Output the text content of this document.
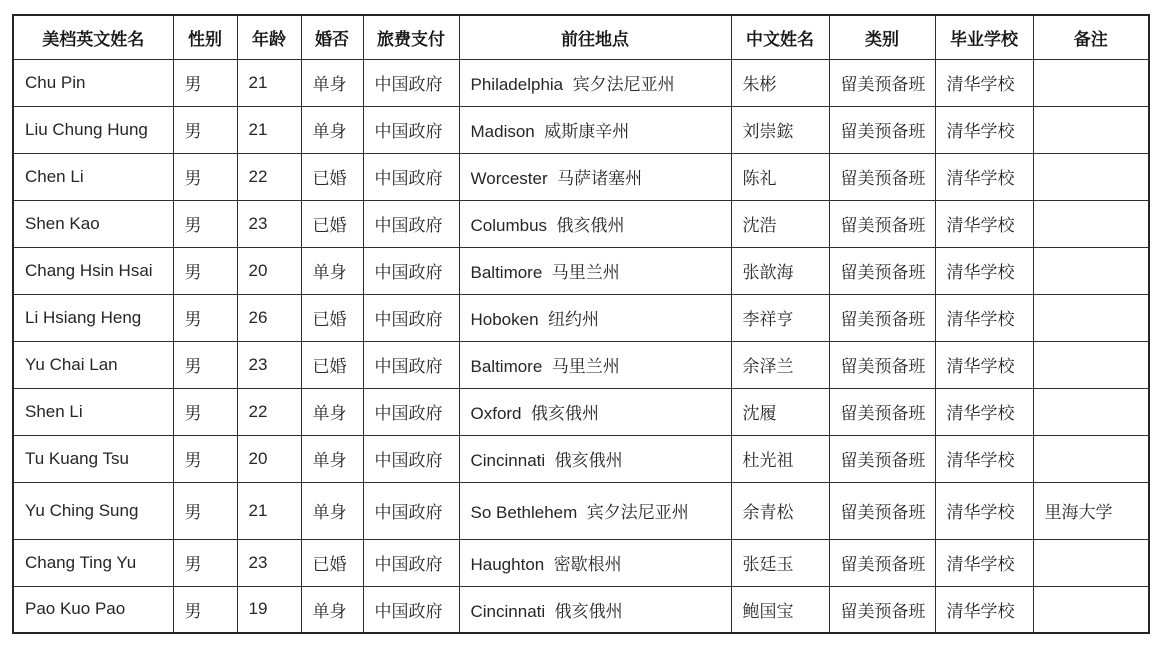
美档英文姓名	性别	年龄	婚否	旅费支付	前往地点	中文姓名	类别	毕业学校	备注
Chu Pin	男	21	单身	中国政府	Philadelphia  宾夕法尼亚州	朱彬	留美预备班	清华学校	
Liu Chung Hung	男	21	单身	中国政府	Madison  威斯康辛州	刘崇鋐	留美预备班	清华学校	
Chen Li	男	22	已婚	中国政府	Worcester  马萨诸塞州	陈礼	留美预备班	清华学校	
Shen Kao	男	23	已婚	中国政府	Columbus  俄亥俄州	沈浩	留美预备班	清华学校	
Chang Hsin Hsai	男	20	单身	中国政府	Baltimore  马里兰州	张歆海	留美预备班	清华学校	
Li Hsiang Heng	男	26	已婚	中国政府	Hoboken  纽约州	李祥亨	留美预备班	清华学校	
Yu Chai Lan	男	23	已婚	中国政府	Baltimore  马里兰州	余泽兰	留美预备班	清华学校	
Shen Li	男	22	单身	中国政府	Oxford  俄亥俄州	沈履	留美预备班	清华学校	
Tu Kuang Tsu	男	20	单身	中国政府	Cincinnati  俄亥俄州	杜光祖	留美预备班	清华学校	
Yu Ching Sung	男	21	单身	中国政府	So Bethlehem  宾夕法尼亚州	余青松	留美预备班	清华学校	里海大学
Chang Ting Yu	男	23	已婚	中国政府	Haughton  密歇根州	张廷玉	留美预备班	清华学校	
Pao Kuo Pao	男	19	单身	中国政府	Cincinnati  俄亥俄州	鲍国宝	留美预备班	清华学校	
